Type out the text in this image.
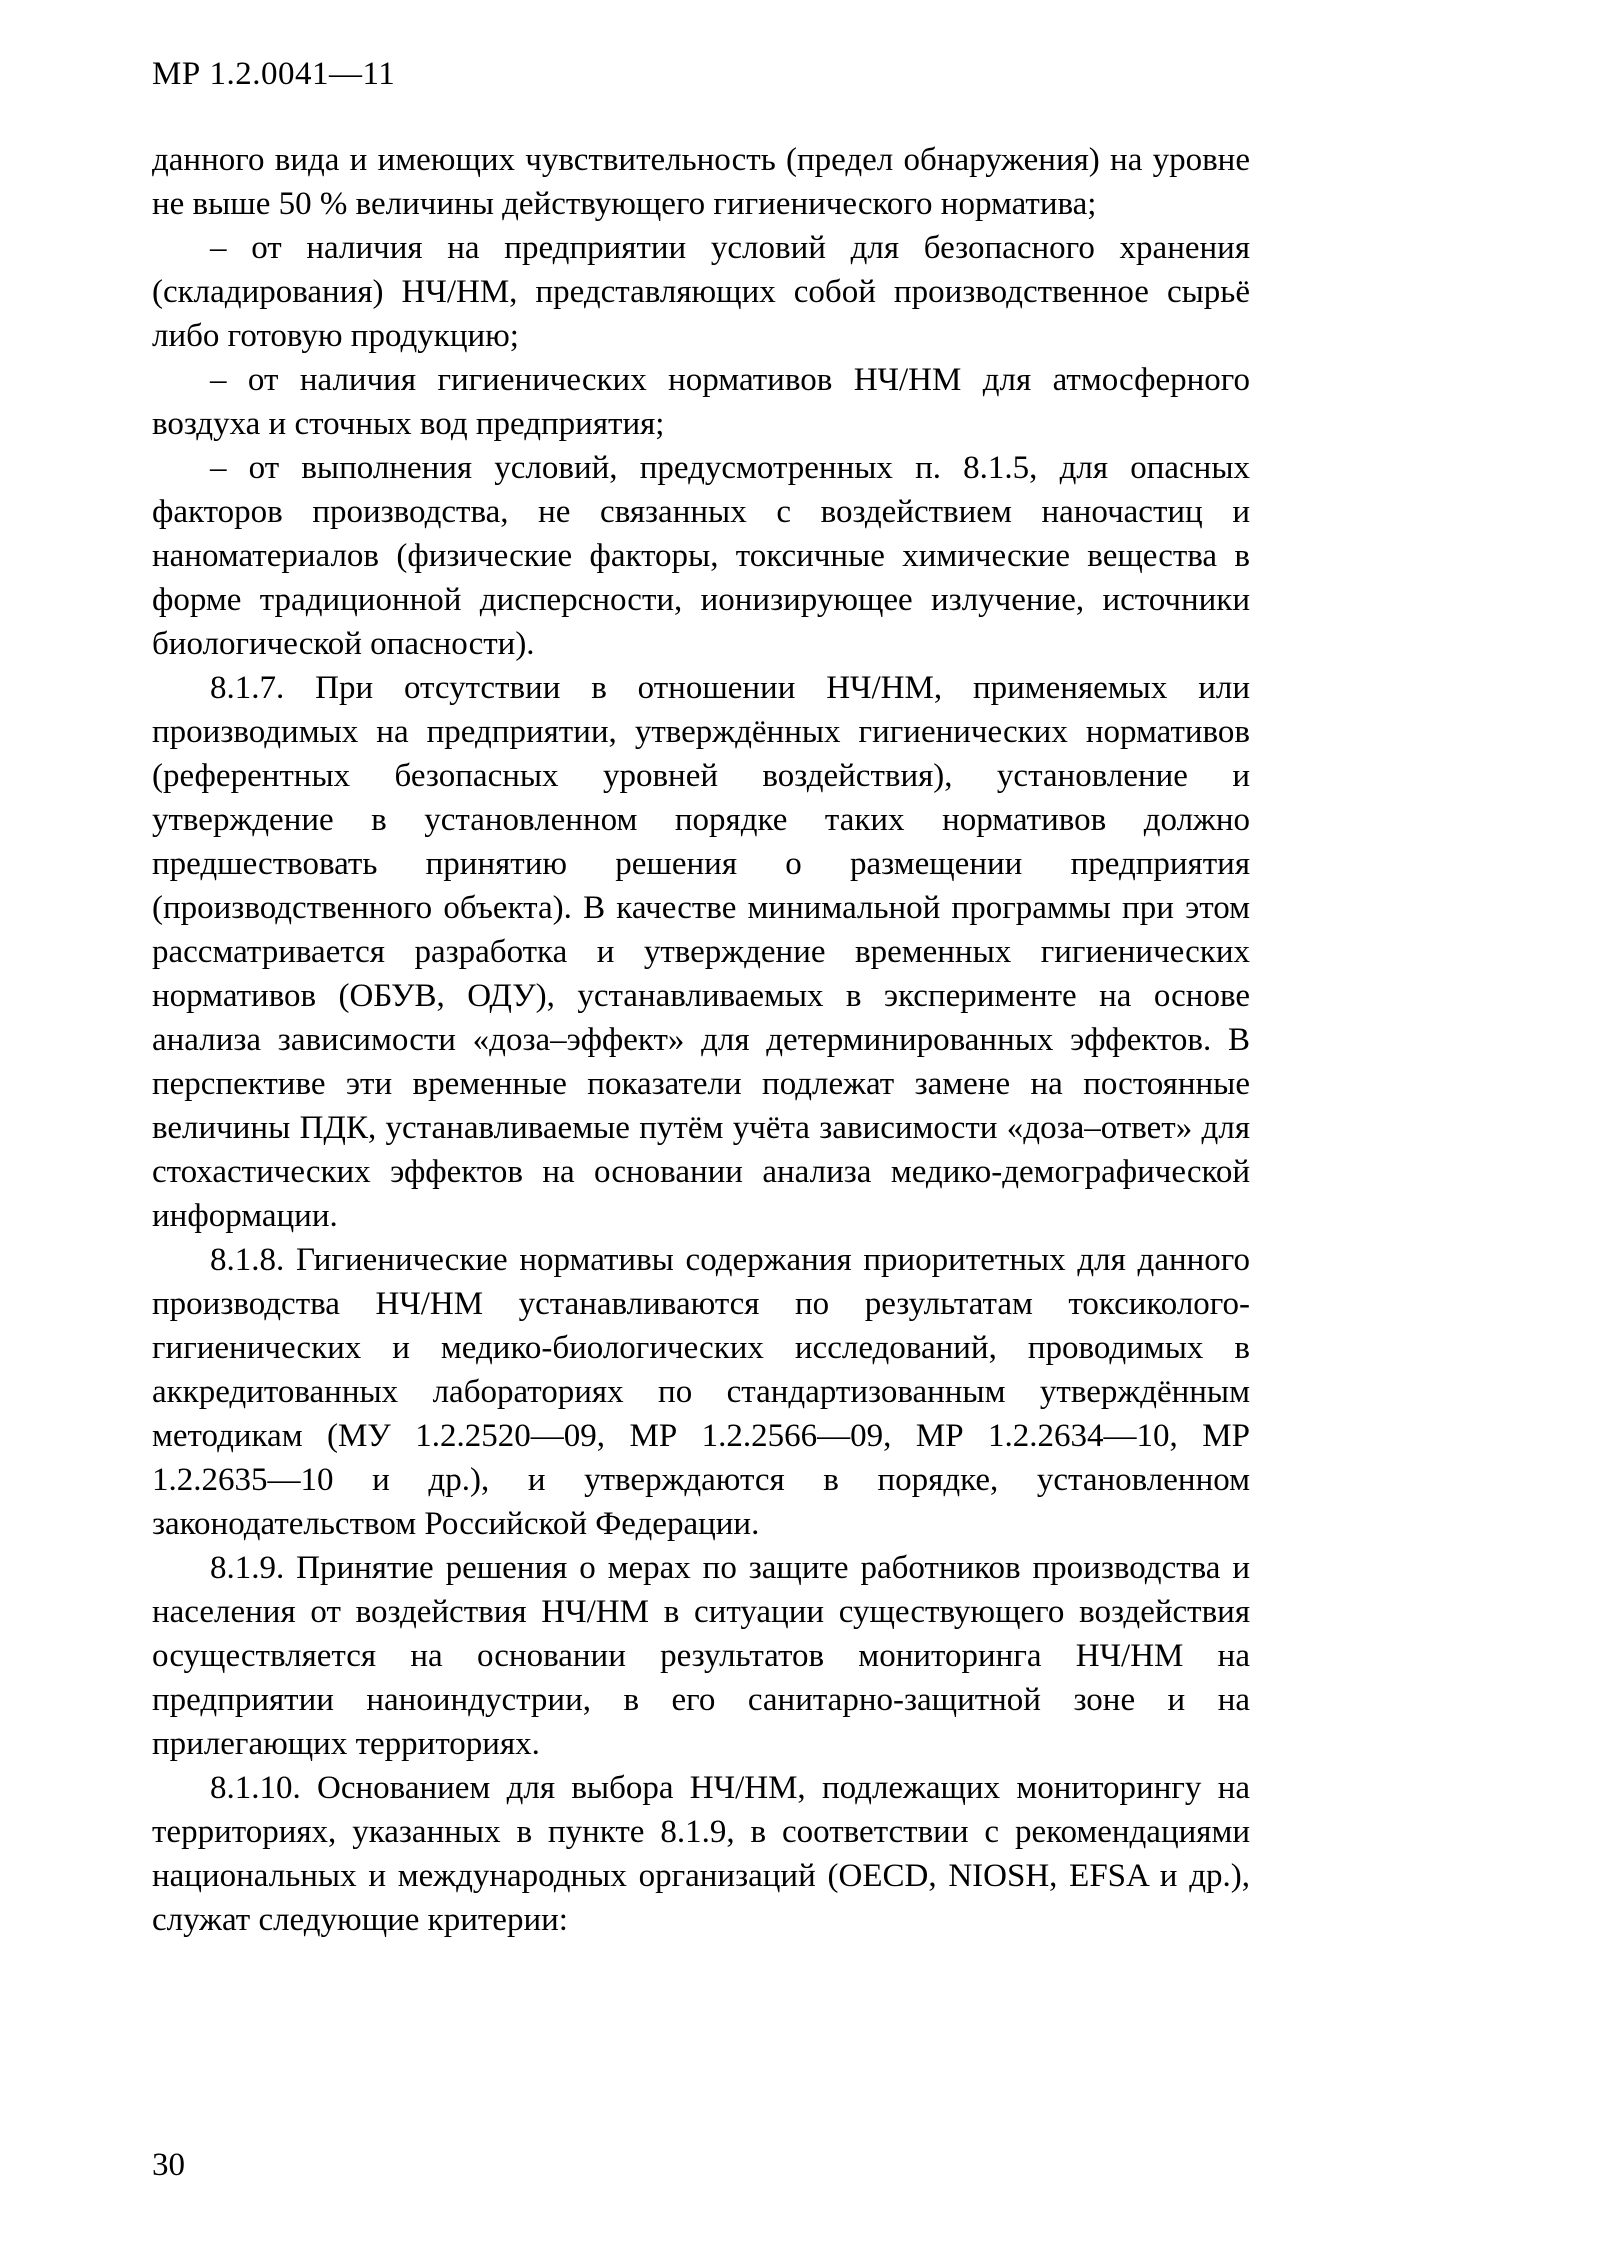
МР 1.2.0041—11

данного вида и имеющих чувствительность (предел обнаружения) на уровне не выше 50 % величины действующего гигиенического норматива;

– от наличия на предприятии условий для безопасного хранения (складирования) НЧ/НМ, представляющих собой производственное сырьё либо готовую продукцию;

– от наличия гигиенических нормативов НЧ/НМ для атмосферного воздуха и сточных вод предприятия;

– от выполнения условий, предусмотренных п. 8.1.5, для опасных факторов производства, не связанных с воздействием наночастиц и наноматериалов (физические факторы, токсичные химические вещества в форме традиционной дисперсности, ионизирующее излучение, источники биологической опасности).

8.1.7. При отсутствии в отношении НЧ/НМ, применяемых или производимых на предприятии, утверждённых гигиенических нормативов (референтных безопасных уровней воздействия), установление и утверждение в установленном порядке таких нормативов должно предшествовать принятию решения о размещении предприятия (производственного объекта). В качестве минимальной программы при этом рассматривается разработка и утверждение временных гигиенических нормативов (ОБУВ, ОДУ), устанавливаемых в эксперименте на основе анализа зависимости «доза–эффект» для детерминированных эффектов. В перспективе эти временные показатели подлежат замене на постоянные величины ПДК, устанавливаемые путём учёта зависимости «доза–ответ» для стохастических эффектов на основании анализа медико-демографической информации.

8.1.8. Гигиенические нормативы содержания приоритетных для данного производства НЧ/НМ устанавливаются по результатам токсиколого-гигиенических и медико-биологических исследований, проводимых в аккредитованных лабораториях по стандартизованным утверждённым методикам (МУ 1.2.2520—09, МР 1.2.2566—09, МР 1.2.2634—10, МР 1.2.2635—10 и др.), и утверждаются в порядке, установленном законодательством Российской Федерации.

8.1.9. Принятие решения о мерах по защите работников производства и населения от воздействия НЧ/НМ в ситуации существующего воздействия осуществляется на основании результатов мониторинга НЧ/НМ на предприятии наноиндустрии, в его санитарно-защитной зоне и на прилегающих территориях.

8.1.10. Основанием для выбора НЧ/НМ, подлежащих мониторингу на территориях, указанных в пункте 8.1.9, в соответствии с рекомендациями национальных и международных организаций (OECD, NIOSH, EFSA и др.), служат следующие критерии:

30
